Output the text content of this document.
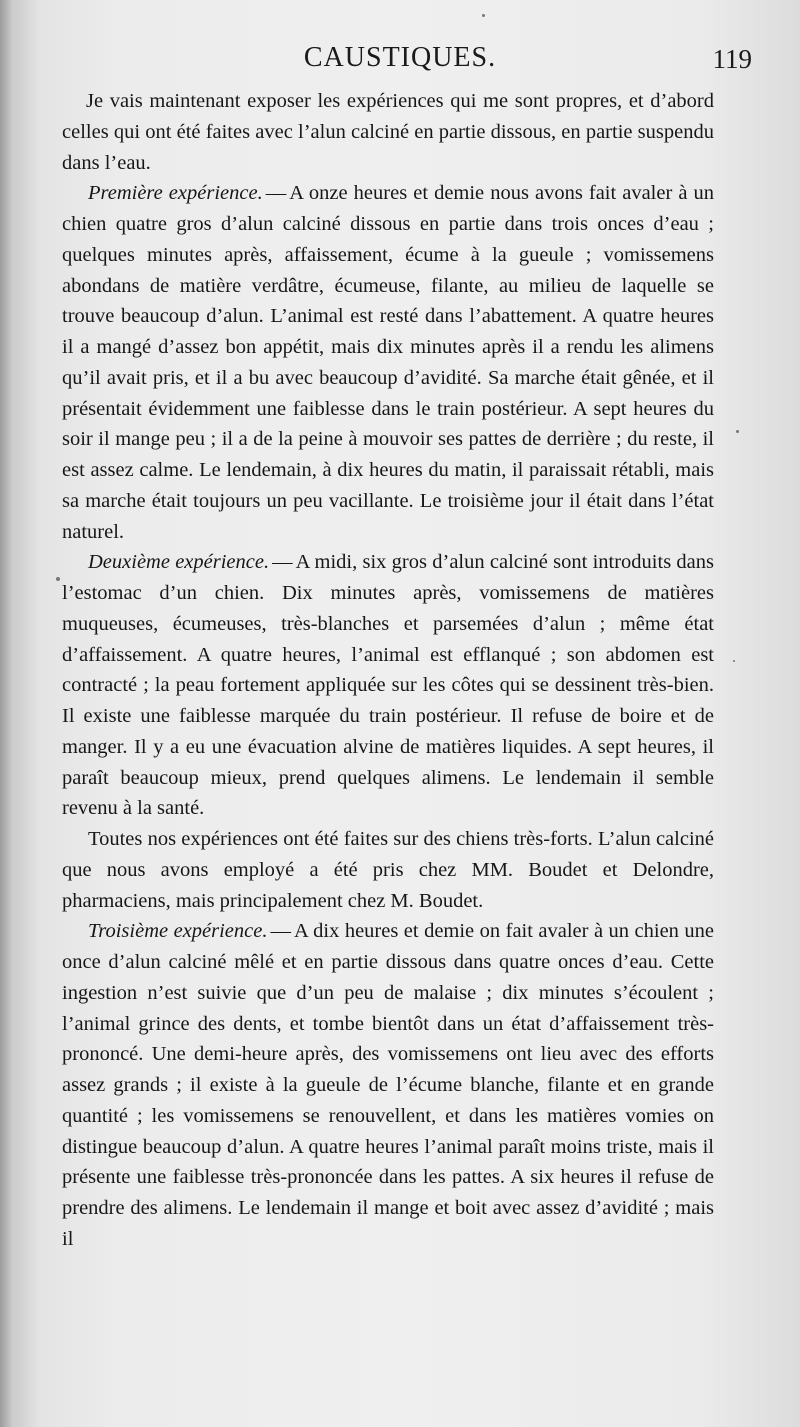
CAUSTIQUES.	119

Je vais maintenant exposer les expériences qui me sont propres, et d’abord celles qui ont été faites avec l’alun calciné en partie dissous, en partie suspendu dans l’eau.

Première expérience. — A onze heures et demie nous avons fait avaler à un chien quatre gros d’alun calciné dissous en partie dans trois onces d’eau ; quelques minutes après, affaissement, écume à la gueule ; vomissemens abondans de matière verdâtre, écumeuse, filante, au milieu de laquelle se trouve beaucoup d’alun. L’animal est resté dans l’abattement. A quatre heures il a mangé d’assez bon appétit, mais dix minutes après il a rendu les alimens qu’il avait pris, et il a bu avec beaucoup d’avidité. Sa marche était gênée, et il présentait évidemment une faiblesse dans le train postérieur. A sept heures du soir il mange peu ; il a de la peine à mouvoir ses pattes de derrière ; du reste, il est assez calme. Le lendemain, à dix heures du matin, il paraissait rétabli, mais sa marche était toujours un peu vacillante. Le troisième jour il était dans l’état naturel.

Deuxième expérience. — A midi, six gros d’alun calciné sont introduits dans l’estomac d’un chien. Dix minutes après, vomissemens de matières muqueuses, écumeuses, très-blanches et parsemées d’alun ; même état d’affaissement. A quatre heures, l’animal est efflanqué ; son abdomen est contracté ; la peau fortement appliquée sur les côtes qui se dessinent très-bien. Il existe une faiblesse marquée du train postérieur. Il refuse de boire et de manger. Il y a eu une évacuation alvine de matières liquides. A sept heures, il paraît beaucoup mieux, prend quelques alimens. Le lendemain il semble revenu à la santé.

Toutes nos expériences ont été faites sur des chiens très-forts. L’alun calciné que nous avons employé a été pris chez MM. Boudet et Delondre, pharmaciens, mais principalement chez M. Boudet.

Troisième expérience. — A dix heures et demie on fait avaler à un chien une once d’alun calciné mêlé et en partie dissous dans quatre onces d’eau. Cette ingestion n’est suivie que d’un peu de malaise ; dix minutes s’écoulent ; l’animal grince des dents, et tombe bientôt dans un état d’affaissement très-prononcé. Une demi-heure après, des vomissemens ont lieu avec des efforts assez grands ; il existe à la gueule de l’écume blanche, filante et en grande quantité ; les vomissemens se renouvellent, et dans les matières vomies on distingue beaucoup d’alun. A quatre heures l’animal paraît moins triste, mais il présente une faiblesse très-prononcée dans les pattes. A six heures il refuse de prendre des alimens. Le lendemain il mange et boit avec assez d’avidité ; mais il
